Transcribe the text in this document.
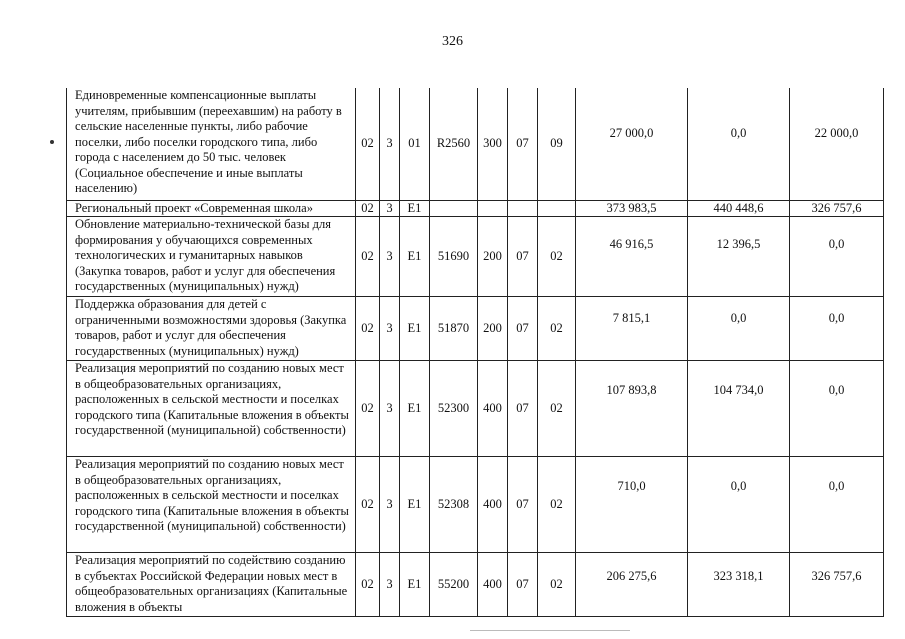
326
Единовременные компенсационные выплаты учителям, прибывшим (переехавшим) на работу в сельские населенные пункты, либо рабочие поселки, либо поселки городского типа, либо города с населением до 50 тыс. человек (Социальное обеспечение и иные выплаты населению)	02	3	01	R2560	300	07	09	27 000,0	0,0	22 000,0
Региональный проект «Современная школа»	02	3	Е1					373 983,5	440 448,6	326 757,6
Обновление материально-технической базы для формирования у обучающихся современных технологических и гуманитарных навыков (Закупка товаров, работ и услуг для обеспечения государственных (муниципальных) нужд)	02	3	Е1	51690	200	07	02	46 916,5	12 396,5	0,0
Поддержка образования для детей с ограниченными возможностями здоровья (Закупка товаров, работ и услуг для обеспечения государственных (муниципальных) нужд)	02	3	Е1	51870	200	07	02	7 815,1	0,0	0,0
Реализация мероприятий по созданию новых мест в общеобразовательных организациях, расположенных в сельской местности и поселках городского типа (Капитальные вложения в объекты государственной (муниципальной) собственности)	02	3	Е1	52300	400	07	02	107 893,8	104 734,0	0,0
Реализация мероприятий по созданию новых мест в общеобразовательных организациях, расположенных в сельской местности и поселках городского типа (Капитальные вложения в объекты государственной (муниципальной) собственности)	02	3	Е1	52308	400	07	02	710,0	0,0	0,0
Реализация мероприятий по содействию созданию в субъектах Российской Федерации новых мест в общеобразовательных организациях (Капитальные вложения в объекты	02	3	Е1	55200	400	07	02	206 275,6	323 318,1	326 757,6
